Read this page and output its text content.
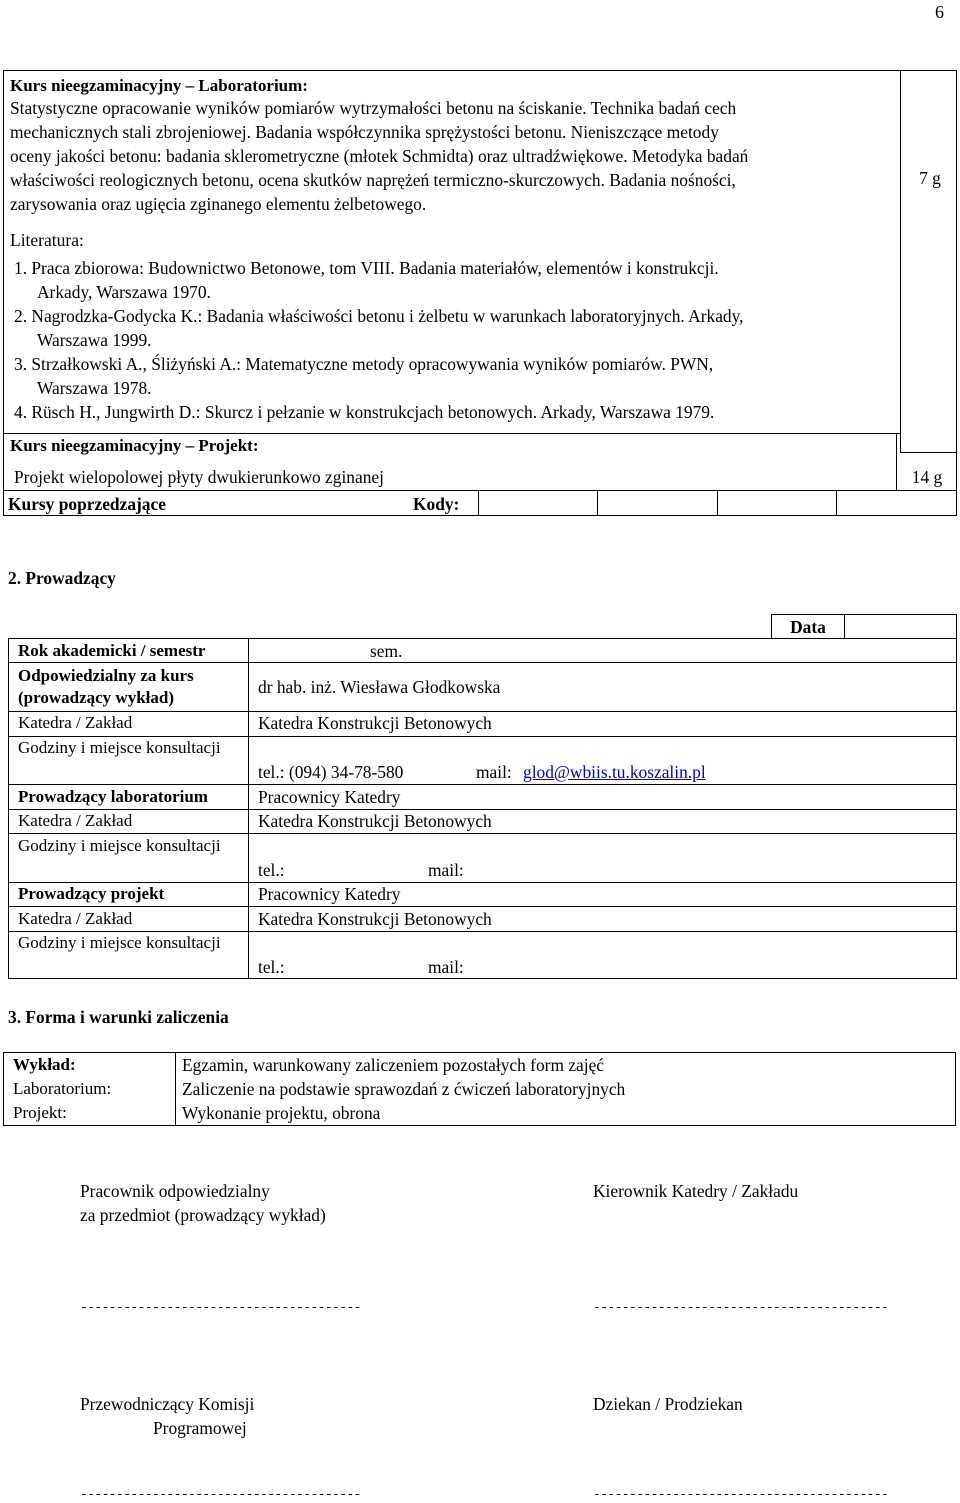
6
Kurs nieegzaminacyjny – Laboratorium:
Statystyczne opracowanie wyników pomiarów wytrzymałości betonu na ściskanie. Technika badań cech
mechanicznych stali zbrojeniowej. Badania współczynnika sprężystości betonu. Nieniszczące metody
oceny jakości betonu: badania sklerometryczne (młotek Schmidta) oraz ultradźwiękowe. Metodyka badań
właściwości reologicznych betonu, ocena skutków naprężeń termiczno-skurczowych. Badania nośności,
zarysowania oraz ugięcia zginanego elementu żelbetowego.
7 g
Literatura:
1. Praca zbiorowa: Budownictwo Betonowe, tom VIII. Badania materiałów, elementów i konstrukcji.
Arkady, Warszawa 1970.
2. Nagrodzka-Godycka K.: Badania właściwości betonu i żelbetu w warunkach laboratoryjnych. Arkady,
Warszawa 1999.
3. Strzałkowski A., Śliżyński A.: Matematyczne metody opracowywania wyników pomiarów. PWN,
Warszawa 1978.
4. Rüsch H., Jungwirth D.: Skurcz i pełzanie w konstrukcjach betonowych. Arkady, Warszawa 1979.
Kurs nieegzaminacyjny – Projekt:
Projekt wielopolowej płyty dwukierunkowo zginanej	14 g
Kursy poprzedzające	Kody:
2. Prowadzący
Data
Rok akademicki / semestr	sem.
Odpowiedzialny za kurs
(prowadzący wykład)
dr hab. inż. Wiesława Głodkowska
Katedra / Zakład	Katedra Konstrukcji Betonowych
Godziny i miejsce konsultacji
tel.: (094) 34-78-580	mail: glod@wbiis.tu.koszalin.pl
Prowadzący laboratorium	Pracownicy Katedry
Katedra / Zakład	Katedra Konstrukcji Betonowych
Godziny i miejsce konsultacji
tel.:	mail:
Prowadzący projekt	Pracownicy Katedry
Katedra / Zakład	Katedra Konstrukcji Betonowych
Godziny i miejsce konsultacji
tel.:	mail:
3. Forma i warunki zaliczenia
Wykład:	Egzamin, warunkowany zaliczeniem pozostałych form zajęć
Laboratorium:	Zaliczenie na podstawie sprawozdań z ćwiczeń laboratoryjnych
Projekt:	Wykonanie projektu, obrona
Pracownik odpowiedzialny
za przedmiot (prowadzący wykład)
Kierownik Katedry / Zakładu
---------------------------------------	-----------------------------------------
Przewodniczący Komisji
Programowej
Dziekan / Prodziekan
---------------------------------------	-----------------------------------------
